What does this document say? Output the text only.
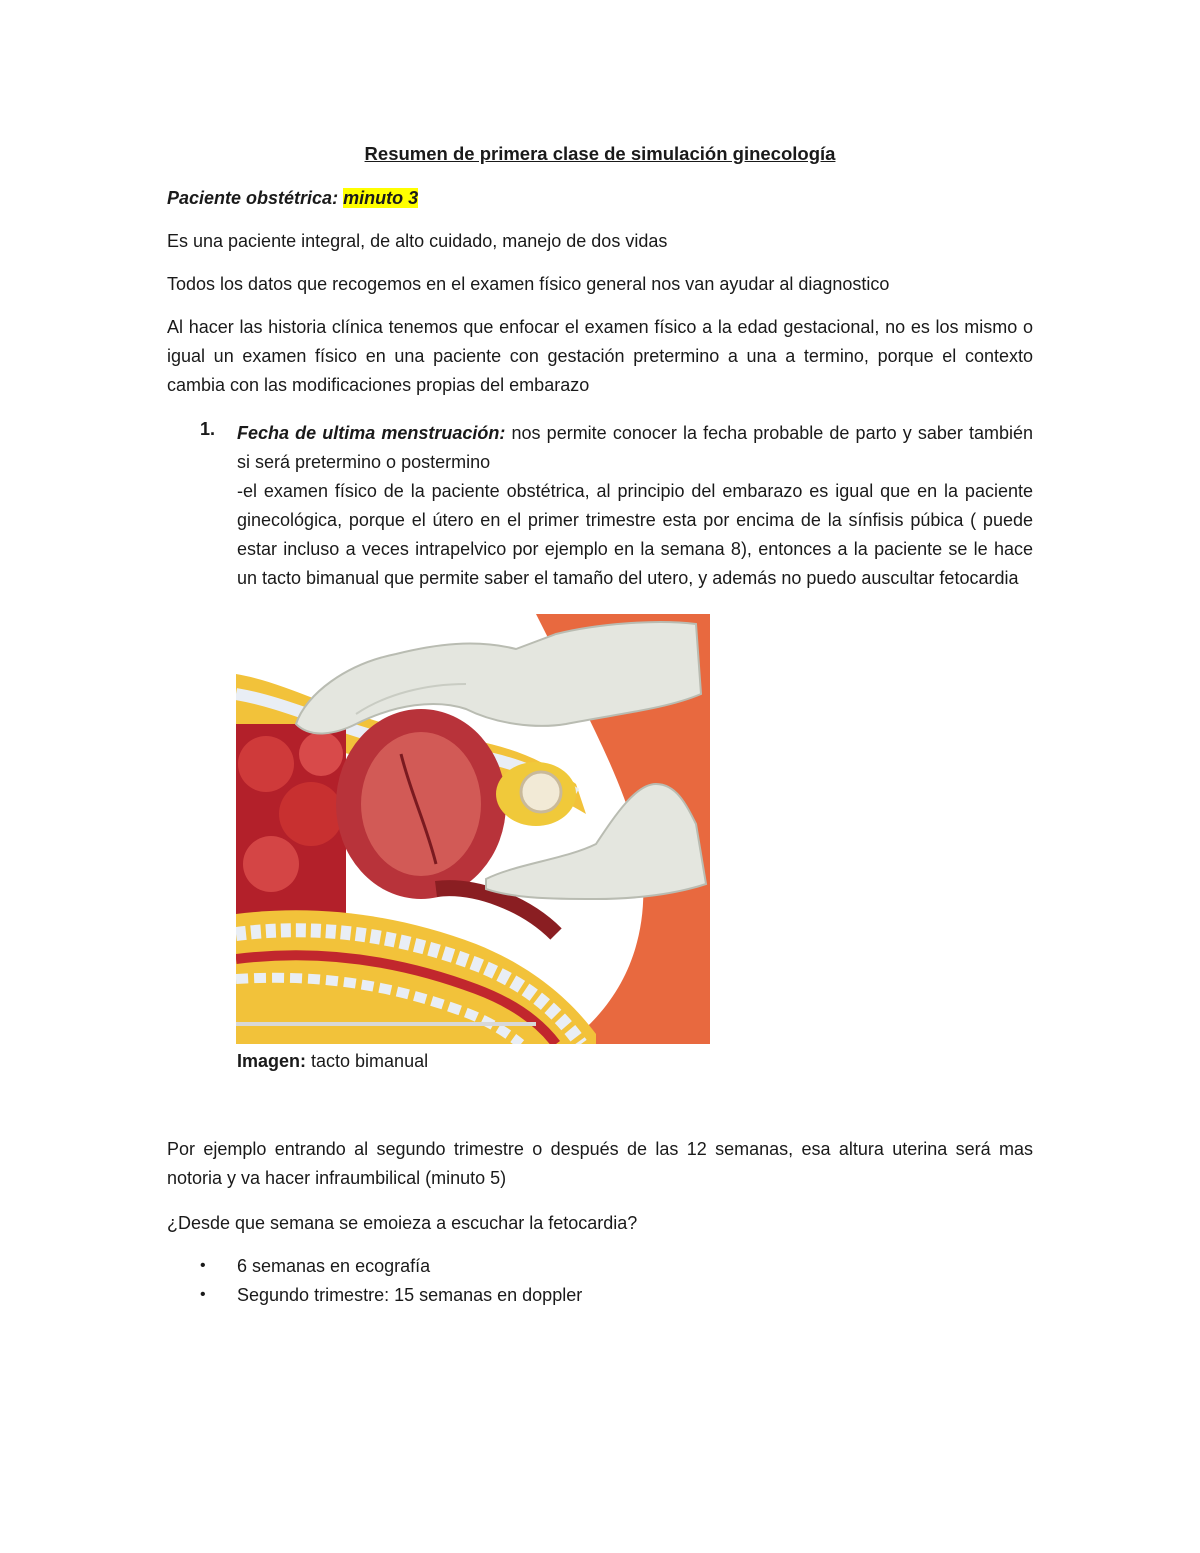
Resumen de primera clase de simulación ginecología
Paciente obstétrica: minuto 3
Es una paciente integral, de alto cuidado, manejo de dos vidas
Todos los datos que recogemos en el examen físico general nos van ayudar al diagnostico
Al hacer las historia clínica tenemos que enfocar el examen físico a la edad gestacional, no es los mismo o igual un examen físico en una paciente con gestación pretermino a una a termino, porque el contexto cambia con las modificaciones propias del embarazo
1. Fecha de ultima menstruación: nos permite conocer la fecha probable de parto y saber también si será pretermino o postermino

-el examen físico de la paciente obstétrica, al principio del embarazo es igual que en la paciente ginecológica, porque el útero en el primer trimestre esta por encima de la sínfisis púbica ( puede estar incluso a veces intrapelvico por ejemplo en la semana 8), entonces a la paciente se le hace un tacto bimanual que permite saber el tamaño del utero, y además no puedo auscultar fetocardia

Imagen: tacto bimanual
Por ejemplo entrando al segundo trimestre o después de las 12 semanas, esa altura uterina será mas notoria y va hacer infraumbilical (minuto 5)
¿Desde que semana se emoieza a escuchar la fetocardia?
• 6 semanas en ecografía
• Segundo trimestre: 15 semanas en doppler
